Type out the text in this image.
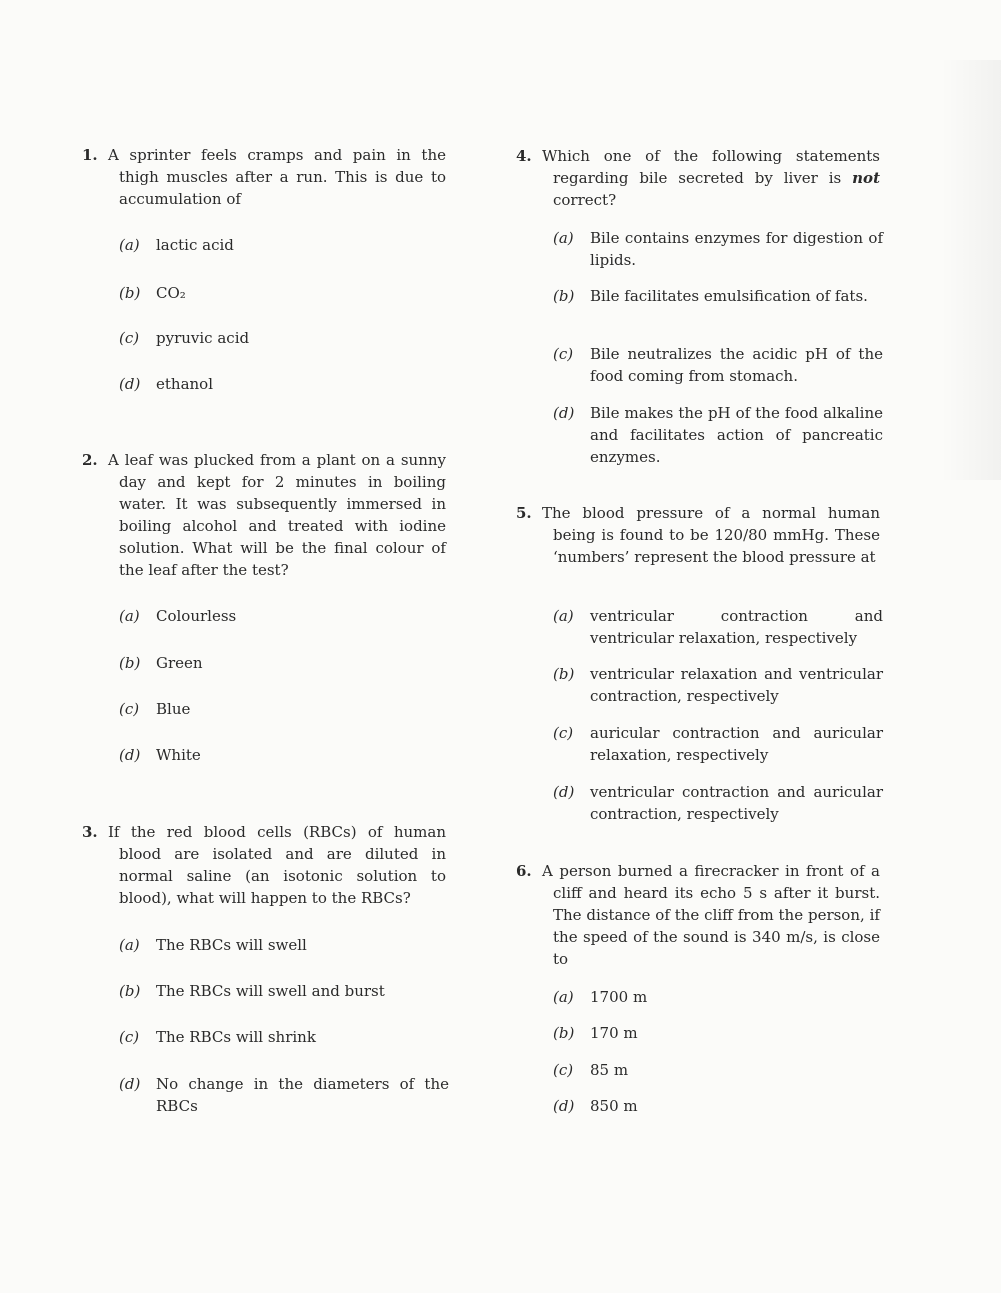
1. A sprinter feels cramps and pain in the thigh muscles after a run. This is due to accumulation of

(a) lactic acid

(b) CO₂

(c) pyruvic acid

(d) ethanol

2. A leaf was plucked from a plant on a sunny day and kept for 2 minutes in boiling water. It was subsequently immersed in boiling alcohol and treated with iodine solution. What will be the final colour of the leaf after the test?

(a) Colourless

(b) Green

(c) Blue

(d) White

3. If the red blood cells (RBCs) of human blood are isolated and are diluted in normal saline (an isotonic solution to blood), what will happen to the RBCs?

(a) The RBCs will swell

(b) The RBCs will swell and burst

(c) The RBCs will shrink

(d) No change in the diameters of the RBCs

4. Which one of the following statements regarding bile secreted by liver is not correct?

(a) Bile contains enzymes for digestion of lipids.

(b) Bile facilitates emulsification of fats.

(c) Bile neutralizes the acidic pH of the food coming from stomach.

(d) Bile makes the pH of the food alkaline and facilitates action of pancreatic enzymes.

5. The blood pressure of a normal human being is found to be 120/80 mmHg. These ‘numbers’ represent the blood pressure at

(a) ventricular contraction and ventricular relaxation, respectively

(b) ventricular relaxation and ventricular contraction, respectively

(c) auricular contraction and auricular relaxation, respectively

(d) ventricular contraction and auricular contraction, respectively

6. A person burned a firecracker in front of a cliff and heard its echo 5 s after it burst. The distance of the cliff from the person, if the speed of the sound is 340 m/s, is close to

(a) 1700 m

(b) 170 m

(c) 85 m

(d) 850 m
